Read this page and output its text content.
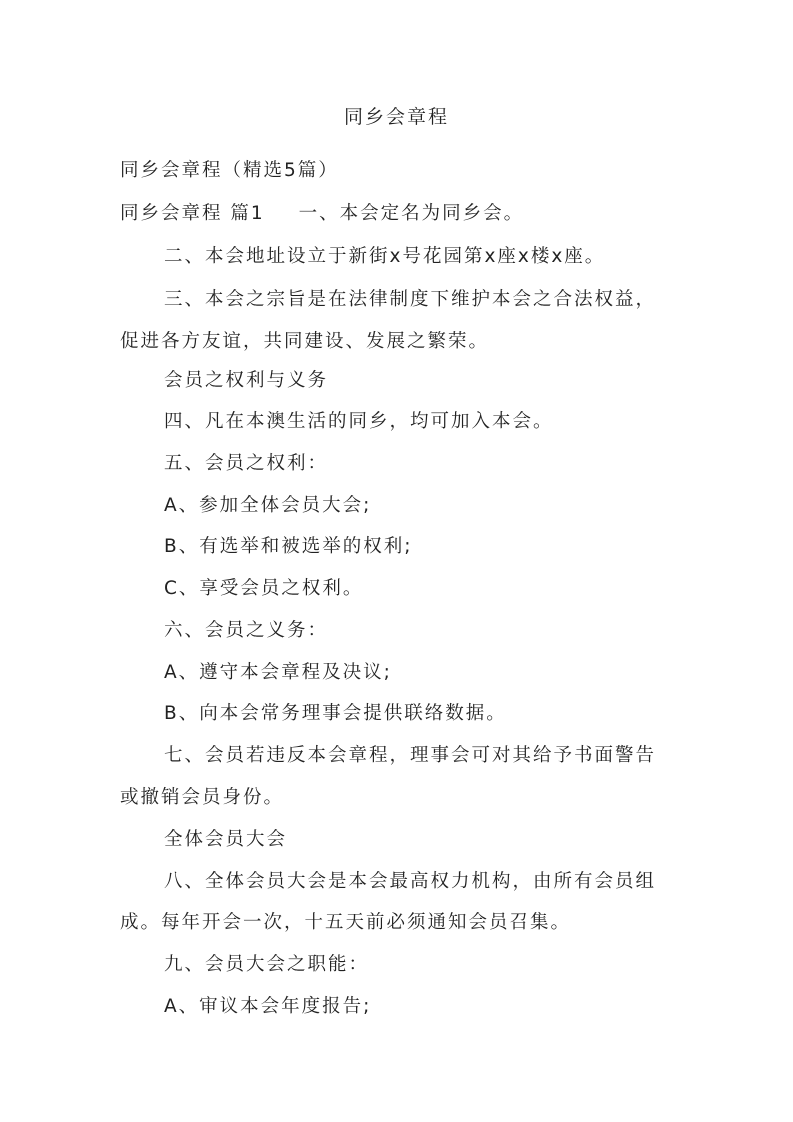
同乡会章程

同乡会章程（精选5篇）

同乡会章程 篇1 一、本会定名为同乡会。

二、本会地址设立于新街x号花园第x座x楼x座。

三、本会之宗旨是在法律制度下维护本会之合法权益，

促进各方友谊，共同建设、发展之繁荣。

会员之权利与义务

四、凡在本澳生活的同乡，均可加入本会。

五、会员之权利：

A、参加全体会员大会;

B、有选举和被选举的权利;

C、享受会员之权利。

六、会员之义务：

A、遵守本会章程及决议;

B、向本会常务理事会提供联络数据。

七、会员若违反本会章程，理事会可对其给予书面警告

或撤销会员身份。

全体会员大会

八、全体会员大会是本会最高权力机构，由所有会员组

成。每年开会一次，十五天前必须通知会员召集。

九、会员大会之职能：

A、审议本会年度报告;
